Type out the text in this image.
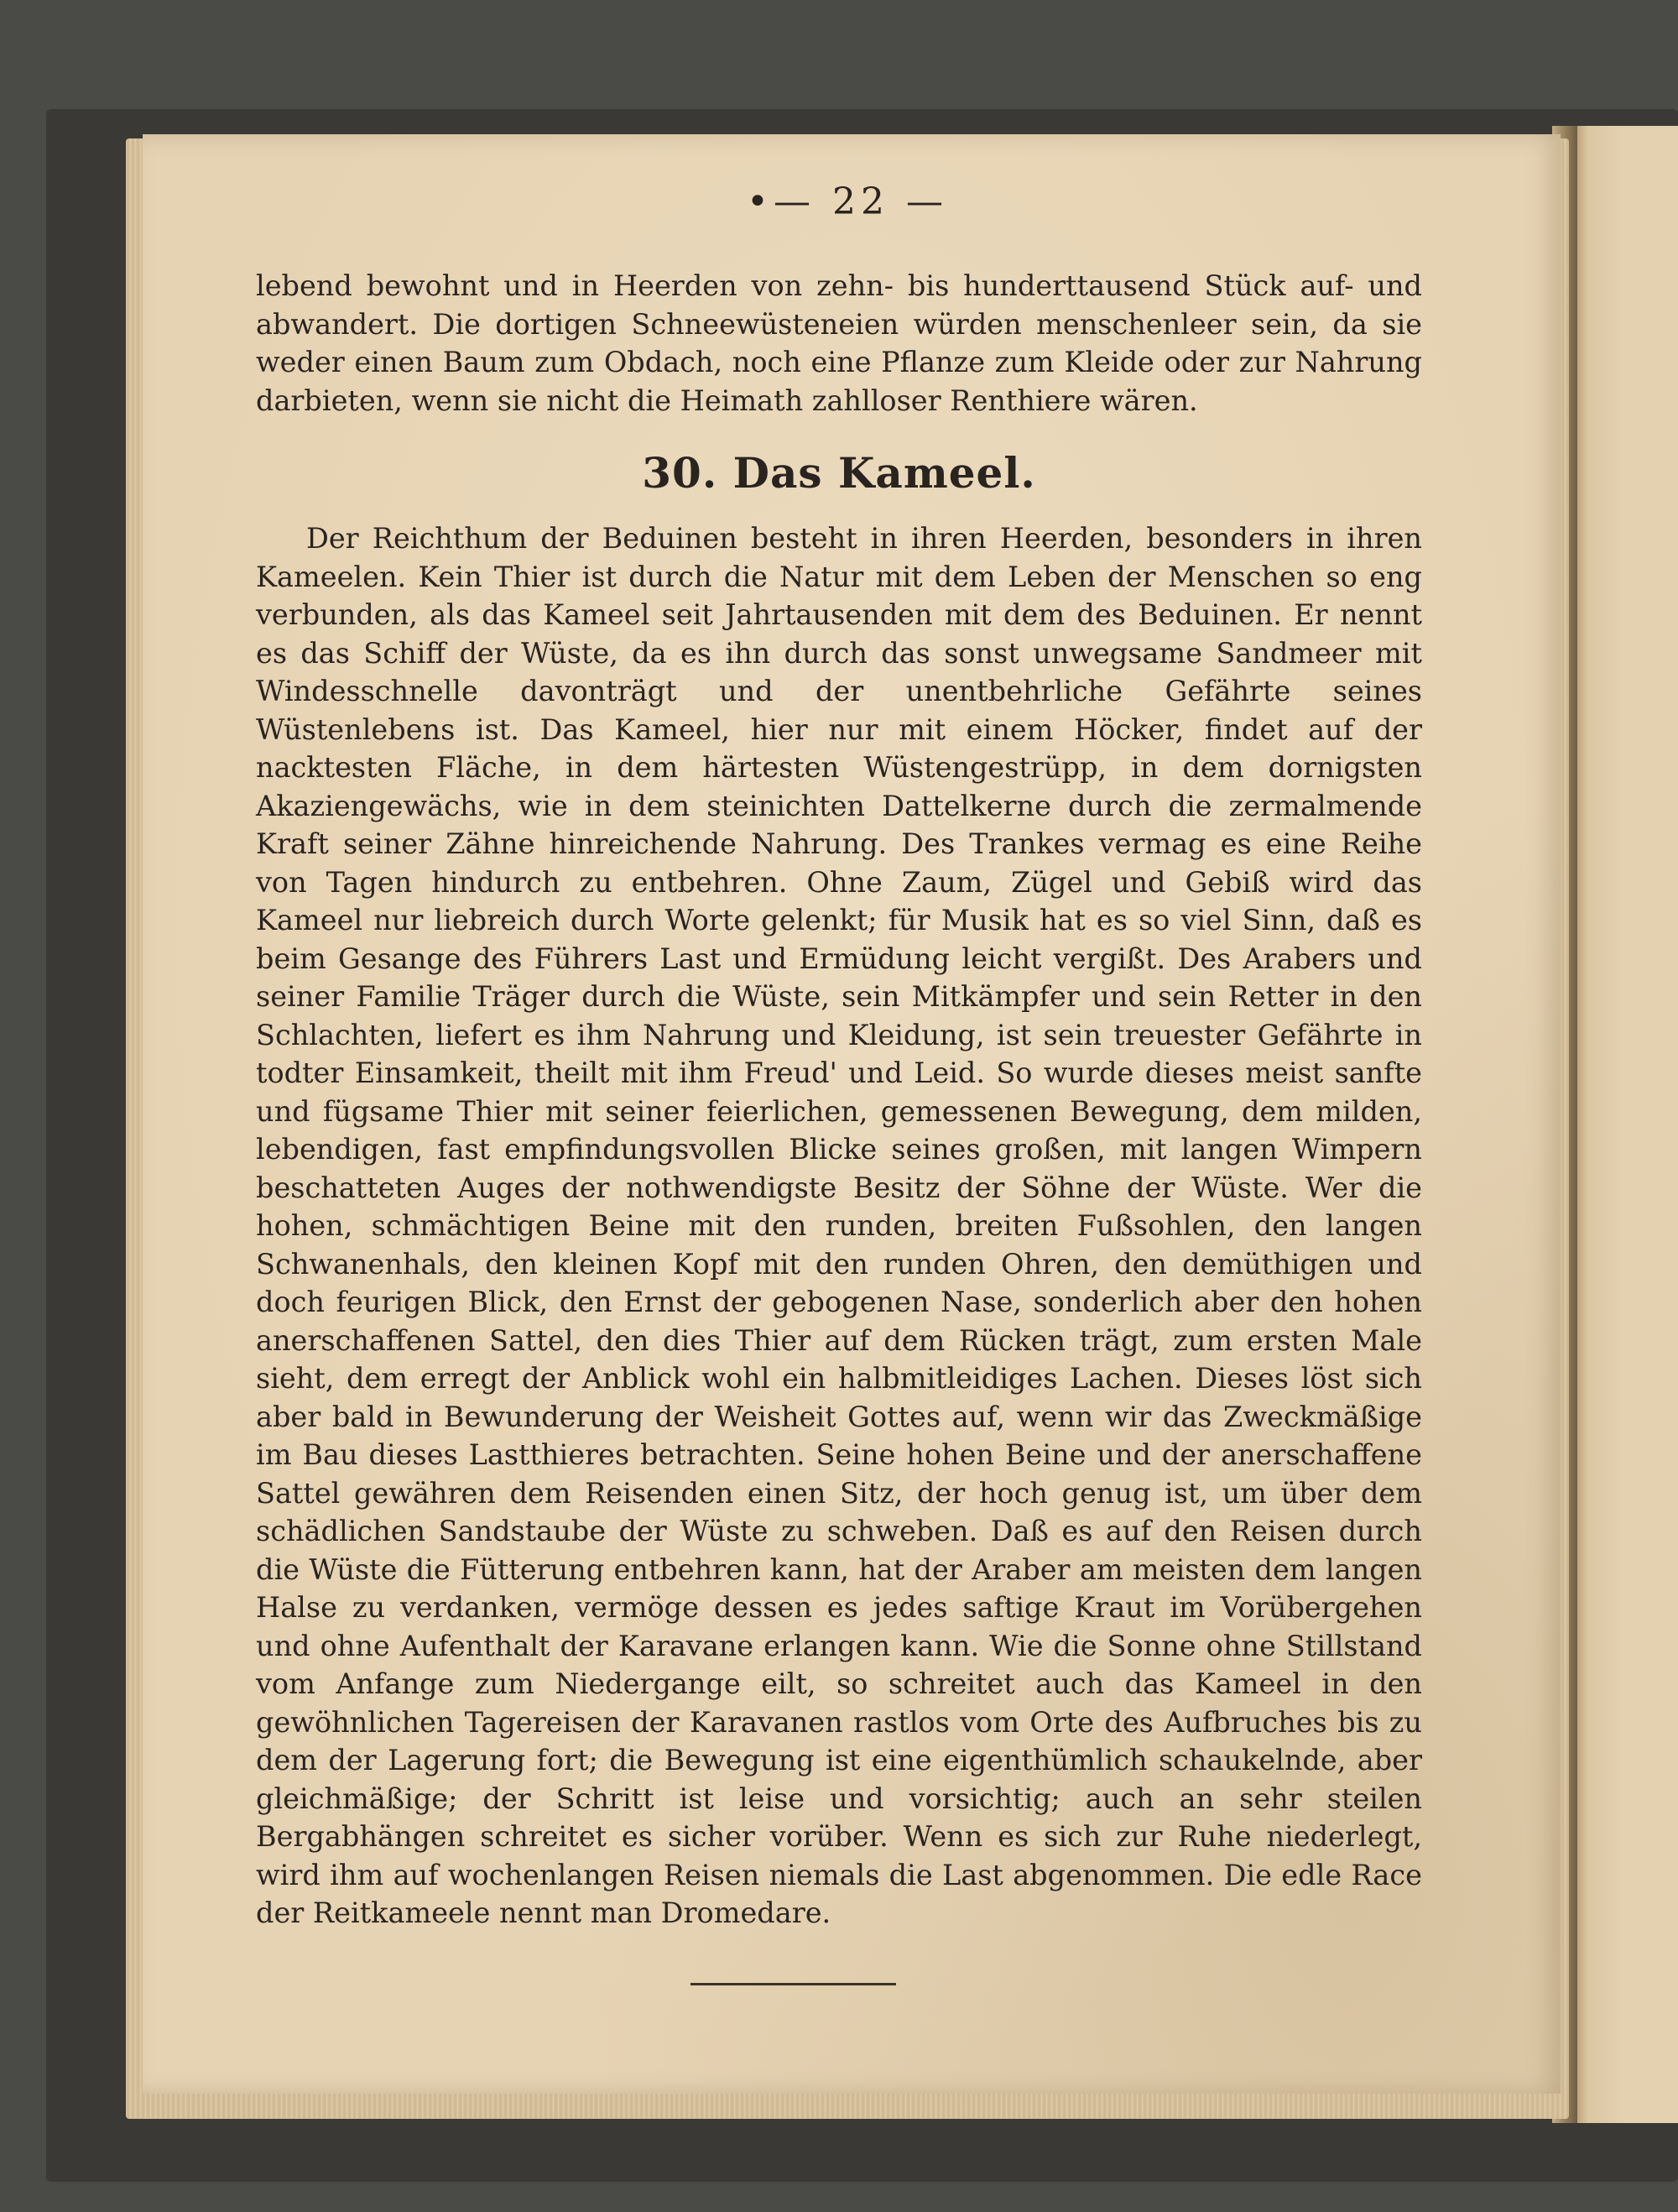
•— 22 —

lebend bewohnt und in Heerden von zehn- bis hunderttausend Stück auf- und abwandert. Die dortigen Schneewüsteneien würden menschenleer sein, da sie weder einen Baum zum Obdach, noch eine Pflanze zum Kleide oder zur Nahrung darbieten, wenn sie nicht die Heimath zahlloser Renthiere wären.

30. Das Kameel.

Der Reichthum der Beduinen besteht in ihren Heerden, besonders in ihren Kameelen. Kein Thier ist durch die Natur mit dem Leben der Menschen so eng verbunden, als das Kameel seit Jahrtausenden mit dem des Beduinen. Er nennt es das Schiff der Wüste, da es ihn durch das sonst unwegsame Sandmeer mit Windesschnelle davonträgt und der unentbehrliche Gefährte seines Wüstenlebens ist. Das Kameel, hier nur mit einem Höcker, findet auf der nacktesten Fläche, in dem härtesten Wüstengestrüpp, in dem dornigsten Akaziengewächs, wie in dem steinichten Dattelkerne durch die zermalmende Kraft seiner Zähne hinreichende Nahrung. Des Trankes vermag es eine Reihe von Tagen hindurch zu entbehren. Ohne Zaum, Zügel und Gebiß wird das Kameel nur liebreich durch Worte gelenkt; für Musik hat es so viel Sinn, daß es beim Gesange des Führers Last und Ermüdung leicht vergißt. Des Arabers und seiner Familie Träger durch die Wüste, sein Mitkämpfer und sein Retter in den Schlachten, liefert es ihm Nahrung und Kleidung, ist sein treuester Gefährte in todter Einsamkeit, theilt mit ihm Freud' und Leid. So wurde dieses meist sanfte und fügsame Thier mit seiner feierlichen, gemessenen Bewegung, dem milden, lebendigen, fast empfindungsvollen Blicke seines großen, mit langen Wimpern beschatteten Auges der nothwendigste Besitz der Söhne der Wüste. Wer die hohen, schmächtigen Beine mit den runden, breiten Fußsohlen, den langen Schwanenhals, den kleinen Kopf mit den runden Ohren, den demüthigen und doch feurigen Blick, den Ernst der gebogenen Nase, sonderlich aber den hohen anerschaffenen Sattel, den dies Thier auf dem Rücken trägt, zum ersten Male sieht, dem erregt der Anblick wohl ein halbmitleidiges Lachen. Dieses löst sich aber bald in Bewunderung der Weisheit Gottes auf, wenn wir das Zweckmäßige im Bau dieses Lastthieres betrachten. Seine hohen Beine und der anerschaffene Sattel gewähren dem Reisenden einen Sitz, der hoch genug ist, um über dem schädlichen Sandstaube der Wüste zu schweben. Daß es auf den Reisen durch die Wüste die Fütterung entbehren kann, hat der Araber am meisten dem langen Halse zu verdanken, vermöge dessen es jedes saftige Kraut im Vorübergehen und ohne Aufenthalt der Karavane erlangen kann. Wie die Sonne ohne Stillstand vom Anfange zum Niedergange eilt, so schreitet auch das Kameel in den gewöhnlichen Tagereisen der Karavanen rastlos vom Orte des Aufbruches bis zu dem der Lagerung fort; die Bewegung ist eine eigenthümlich schaukelnde, aber gleichmäßige; der Schritt ist leise und vorsichtig; auch an sehr steilen Bergabhängen schreitet es sicher vorüber. Wenn es sich zur Ruhe niederlegt, wird ihm auf wochenlangen Reisen niemals die Last abgenommen. Die edle Race der Reitkameele nennt man Dromedare.
